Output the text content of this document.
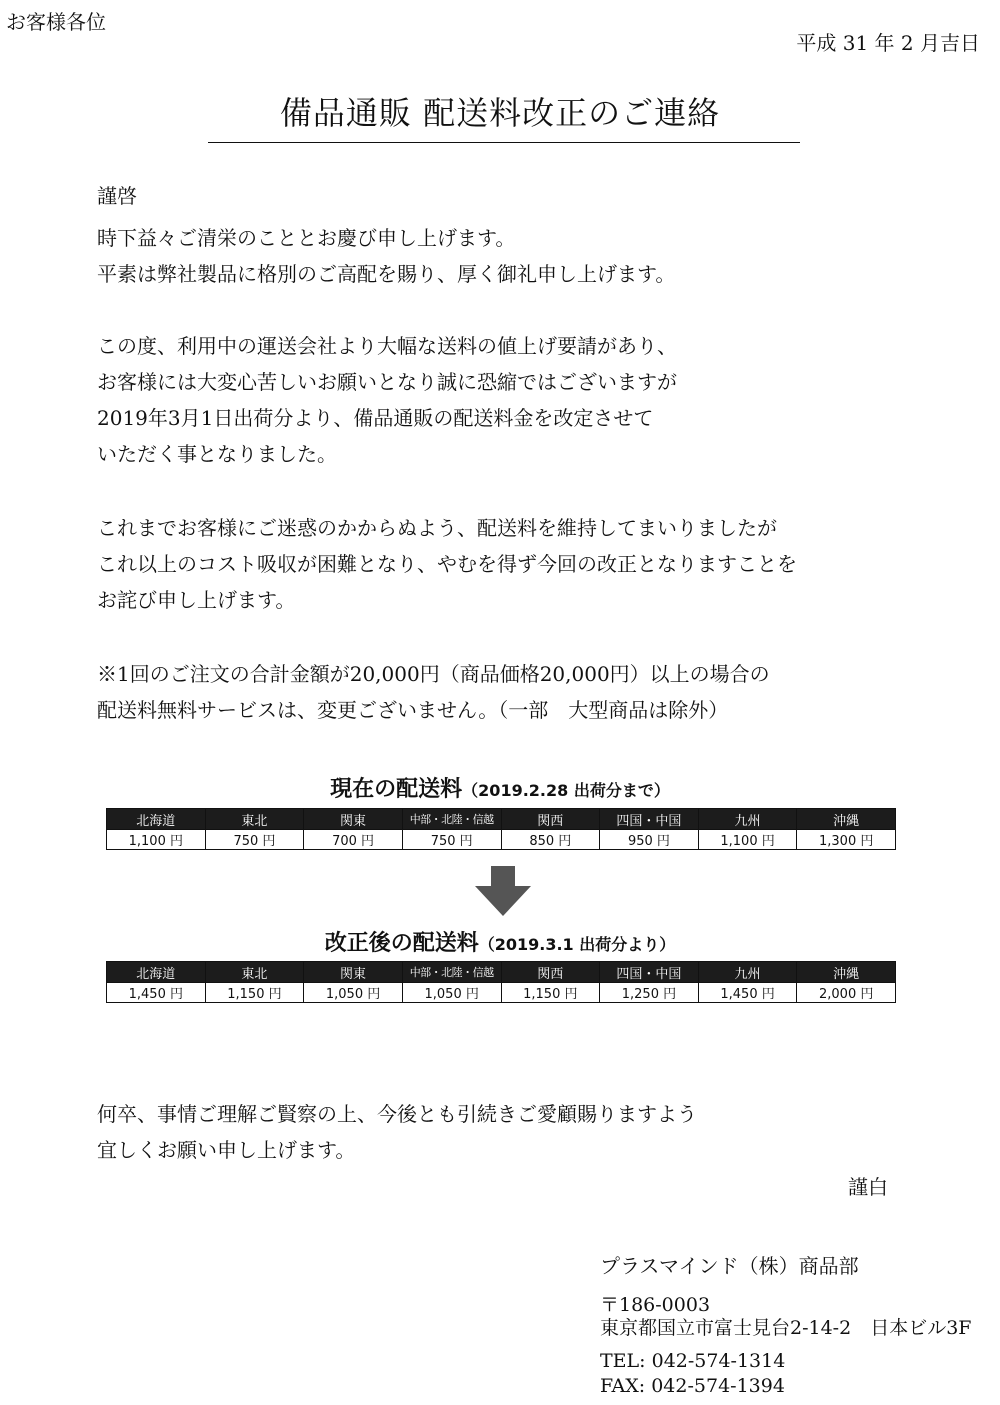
お客様各位
平成 31 年 2 月吉日
備品通販 配送料改正のご連絡
謹啓
時下益々ご清栄のこととお慶び申し上げます。
平素は弊社製品に格別のご高配を賜り、厚く御礼申し上げます。
この度、利用中の運送会社より大幅な送料の値上げ要請があり、
お客様には大変心苦しいお願いとなり誠に恐縮ではございますが
2019年3月1日出荷分より、備品通販の配送料金を改定させて
いただく事となりました。
これまでお客様にご迷惑のかからぬよう、配送料を維持してまいりましたが
これ以上のコスト吸収が困難となり、やむを得ず今回の改正となりますことを
お詫び申し上げます。
※1回のご注文の合計金額が20,000円（商品価格20,000円）以上の場合の
配送料無料サービスは、変更ございません。（一部　大型商品は除外）
現在の配送料（2019.2.28 出荷分まで）
北海道	東北	関東	中部・北陸・信越	関西	四国・中国	九州	沖縄
1,100 円	750 円	700 円	750 円	850 円	950 円	1,100 円	1,300 円
改正後の配送料（2019.3.1 出荷分より）
北海道	東北	関東	中部・北陸・信越	関西	四国・中国	九州	沖縄
1,450 円	1,150 円	1,050 円	1,050 円	1,150 円	1,250 円	1,450 円	2,000 円
何卒、事情ご理解ご賢察の上、今後とも引続きご愛顧賜りますよう
宜しくお願い申し上げます。
謹白
プラスマインド（株）商品部
〒186-0003
東京都国立市富士見台2-14-2　日本ビル3F
TEL: 042-574-1314
FAX: 042-574-1394
